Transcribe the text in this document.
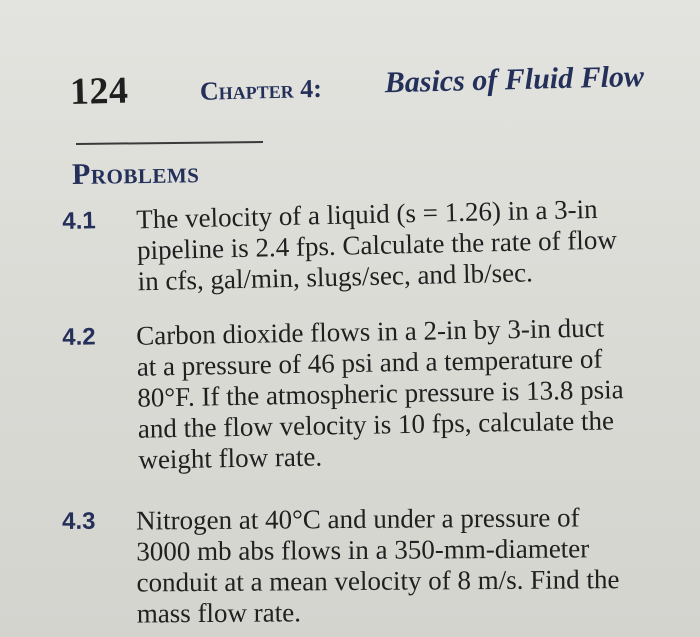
124	Chapter 4: Basics of Fluid Flow
Problems
4.1 The velocity of a liquid (s = 1.26) in a 3-in
pipeline is 2.4 fps. Calculate the rate of flow
in cfs, gal/min, slugs/sec, and lb/sec.
4.2 Carbon dioxide flows in a 2-in by 3-in duct
at a pressure of 46 psi and a temperature of
80°F. If the atmospheric pressure is 13.8 psia
and the flow velocity is 10 fps, calculate the
weight flow rate.
4.3 Nitrogen at 40°C and under a pressure of
3000 mb abs flows in a 350-mm-diameter
conduit at a mean velocity of 8 m/s. Find the
mass flow rate.
